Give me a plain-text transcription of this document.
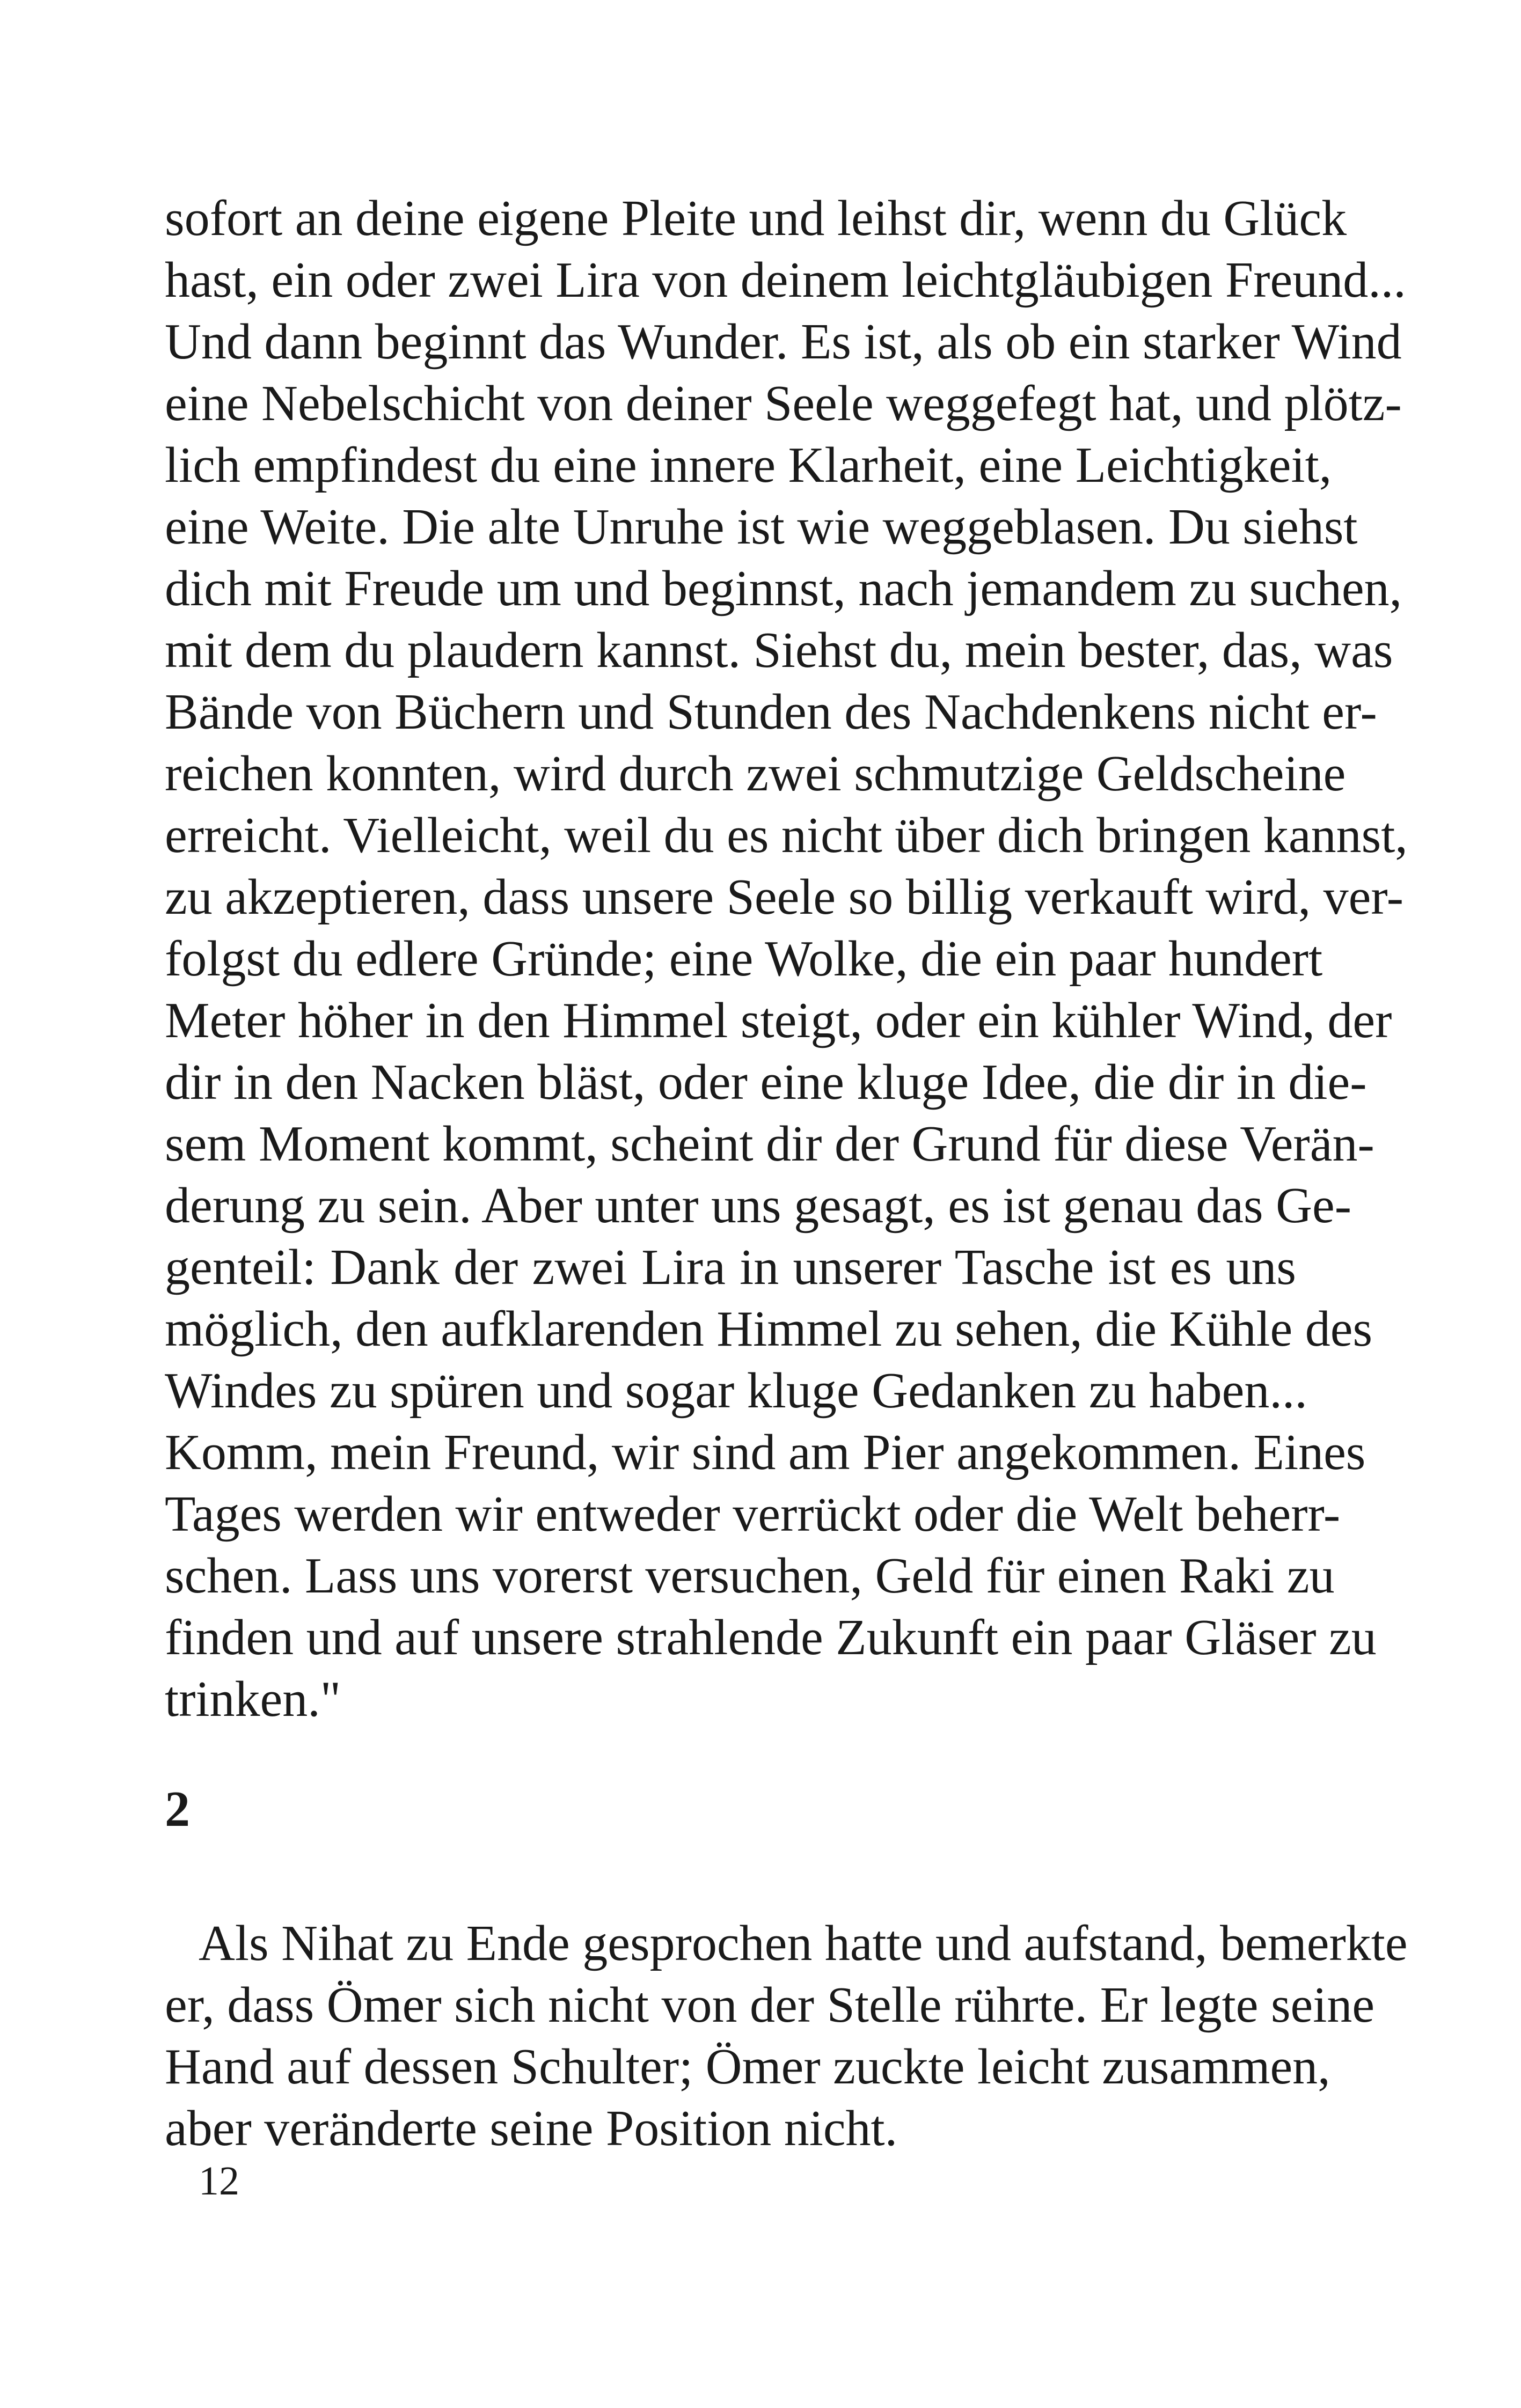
sofort an deine eigene Pleite und leihst dir, wenn du Glück
hast, ein oder zwei Lira von deinem leichtgläubigen Freund...
Und dann beginnt das Wunder. Es ist, als ob ein starker Wind
eine Nebelschicht von deiner Seele weggefegt hat, und plötz-
lich empfindest du eine innere Klarheit, eine Leichtigkeit,
eine Weite. Die alte Unruhe ist wie weggeblasen. Du siehst
dich mit Freude um und beginnst, nach jemandem zu suchen,
mit dem du plaudern kannst. Siehst du, mein bester, das, was
Bände von Büchern und Stunden des Nachdenkens nicht er-
reichen konnten, wird durch zwei schmutzige Geldscheine
erreicht. Vielleicht, weil du es nicht über dich bringen kannst,
zu akzeptieren, dass unsere Seele so billig verkauft wird, ver-
folgst du edlere Gründe; eine Wolke, die ein paar hundert
Meter höher in den Himmel steigt, oder ein kühler Wind, der
dir in den Nacken bläst, oder eine kluge Idee, die dir in die-
sem Moment kommt, scheint dir der Grund für diese Verän-
derung zu sein. Aber unter uns gesagt, es ist genau das Ge-
genteil: Dank der zwei Lira in unserer Tasche ist es uns
möglich, den aufklarenden Himmel zu sehen, die Kühle des
Windes zu spüren und sogar kluge Gedanken zu haben...
Komm, mein Freund, wir sind am Pier angekommen. Eines
Tages werden wir entweder verrückt oder die Welt beherr-
schen. Lass uns vorerst versuchen, Geld für einen Raki zu
finden und auf unsere strahlende Zukunft ein paar Gläser zu
trinken."
2
Als Nihat zu Ende gesprochen hatte und aufstand, bemerkte
er, dass Ömer sich nicht von der Stelle rührte. Er legte seine
Hand auf dessen Schulter; Ömer zuckte leicht zusammen,
aber veränderte seine Position nicht.
12
